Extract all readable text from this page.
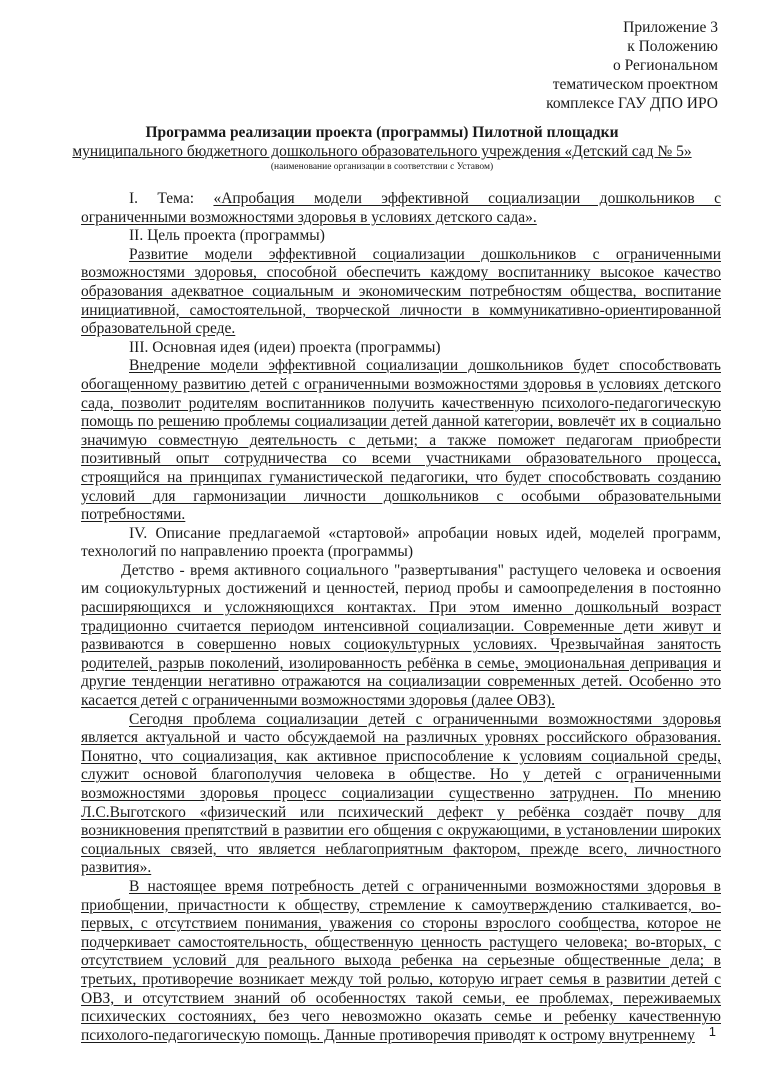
Приложение 3
к Положению
о Региональном
тематическом проектном
комплексе ГАУ ДПО ИРО
Программа реализации проекта (программы) Пилотной площадки
муниципального бюджетного дошкольного образовательного учреждения «Детский сад № 5»
(наименование организации в соответствии с Уставом)

I. Тема: «Апробация модели эффективной социализации дошкольников с ограниченными возможностями здоровья в условиях детского сада».

II. Цель проекта (программы)

Развитие модели эффективной социализации дошкольников с ограниченными возможностями здоровья, способной обеспечить каждому воспитаннику высокое качество образования адекватное социальным и экономическим потребностям общества, воспитание инициативной, самостоятельной, творческой личности в коммуникативно-ориентированной образовательной среде.

III. Основная идея (идеи) проекта (программы)

Внедрение модели эффективной социализации дошкольников будет способствовать обогащенному развитию детей с ограниченными возможностями здоровья в условиях детского сада, позволит родителям воспитанников получить качественную психолого-педагогическую помощь по решению проблемы социализации детей данной категории, вовлечёт их в социально значимую совместную деятельность с детьми; а также поможет педагогам приобрести позитивный опыт сотрудничества со всеми участниками образовательного процесса, строящийся на принципах гуманистической педагогики, что будет способствовать созданию условий для гармонизации личности дошкольников с особыми образовательными потребностями.

IV. Описание предлагаемой «стартовой» апробации новых идей, моделей программ, технологий по направлению проекта (программы)

Детство - время активного социального "развертывания" растущего человека и освоения им социокультурных достижений и ценностей, период пробы и самоопределения в постоянно расширяющихся и усложняющихся контактах. При этом именно дошкольный возраст традиционно считается периодом интенсивной социализации. Современные дети живут и развиваются в совершенно новых социокультурных условиях. Чрезвычайная занятость родителей, разрыв поколений, изолированность ребёнка в семье, эмоциональная депривация и другие тенденции негативно отражаются на социализации современных детей. Особенно это касается детей с ограниченными возможностями здоровья (далее ОВЗ).

Сегодня проблема социализации детей с ограниченными возможностями здоровья является актуальной и часто обсуждаемой на различных уровнях российского образования. Понятно, что социализация, как активное приспособление к условиям социальной среды, служит основой благополучия человека в обществе. Но у детей с ограниченными возможностями здоровья процесс социализации существенно затруднен. По мнению Л.С.Выготского «физический или психический дефект у ребёнка создаёт почву для возникновения препятствий в развитии его общения с окружающими, в установлении широких социальных связей, что является неблагоприятным фактором, прежде всего, личностного развития».

В настоящее время потребность детей с ограниченными возможностями здоровья в приобщении, причастности к обществу, стремление к самоутверждению сталкивается, во-первых, с отсутствием понимания, уважения со стороны взрослого сообщества, которое не подчеркивает самостоятельность, общественную ценность растущего человека; во-вторых, с отсутствием условий для реального выхода ребенка на серьезные общественные дела; в третьих, противоречие возникает между той ролью, которую играет семья в развитии детей с ОВЗ, и отсутствием знаний об особенностях такой семьи, ее проблемах, переживаемых психических состояниях, без чего невозможно оказать семье и ребенку качественную психолого-педагогическую помощь. Данные противоречия приводят к острому внутреннему	1
